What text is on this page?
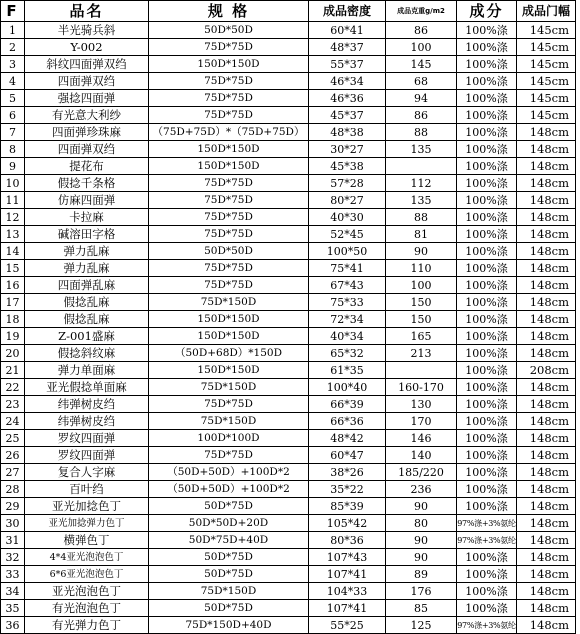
F	品名	规 格	成品密度	成品克重g/m2	成分	成品门幅
1	半光骑兵斜	50D*50D	60*41	86	100%涤	145cm
2	Y-002	75D*75D	48*37	100	100%涤	145cm
3	斜纹四面弹双绉	150D*150D	55*37	145	100%涤	145cm
4	四面弹双绉	75D*75D	46*34	68	100%涤	145cm
5	强捻四面弹	75D*75D	46*36	94	100%涤	145cm
6	有光意大利纱	75D*75D	45*37	86	100%涤	145cm
7	四面弹珍珠麻	（75D+75D）*（75D+75D）	48*38	88	100%涤	148cm
8	四面弹双绉	150D*150D	30*27	135	100%涤	148cm
9	提花布	150D*150D	45*38		100%涤	148cm
10	假捻千条格	75D*75D	57*28	112	100%涤	148cm
11	仿麻四面弹	75D*75D	80*27	135	100%涤	148cm
12	卡拉麻	75D*75D	40*30	88	100%涤	148cm
13	碱溶田字格	75D*75D	52*45	81	100%涤	148cm
14	弹力乱麻	50D*50D	100*50	90	100%涤	148cm
15	弹力乱麻	75D*75D	75*41	110	100%涤	148cm
16	四面弹乱麻	75D*75D	67*43	100	100%涤	148cm
17	假捻乱麻	75D*150D	75*33	150	100%涤	148cm
18	假捻乱麻	150D*150D	72*34	150	100%涤	148cm
19	Z-001盛麻	150D*150D	40*34	165	100%涤	148cm
20	假捻斜纹麻	（50D+68D）*150D	65*32	213	100%涤	148cm
21	弹力单面麻	150D*150D	61*35		100%涤	208cm
22	亚光假捻单面麻	75D*150D	100*40	160-170	100%涤	148cm
23	纬弹树皮绉	75D*75D	66*39	130	100%涤	148cm
24	纬弹树皮绉	75D*150D	66*36	170	100%涤	148cm
25	罗纹四面弹	100D*100D	48*42	146	100%涤	148cm
26	罗纹四面弹	75D*75D	60*47	140	100%涤	148cm
27	复合人字麻	（50D+50D）+100D*2	38*26	185/220	100%涤	148cm
28	百叶绉	（50D+50D）+100D*2	35*22	236	100%涤	148cm
29	亚光加捻色丁	50D*75D	85*39	90	100%涤	148cm
30	亚光加捻弹力色丁	50D*50D+20D	105*42	80	97%涤+3%氨纶	148cm
31	横弹色丁	50D*75D+40D	80*36	90	97%涤+3%氨纶	148cm
32	4*4亚光泡泡色丁	50D*75D	107*43	90	100%涤	148cm
33	6*6亚光泡泡色丁	50D*75D	107*41	89	100%涤	148cm
34	亚光泡泡色丁	75D*150D	104*33	176	100%涤	148cm
35	有光泡泡色丁	50D*75D	107*41	85	100%涤	148cm
36	有光弹力色丁	75D*150D+40D	55*25	125	97%涤+3%氨纶	148cm
